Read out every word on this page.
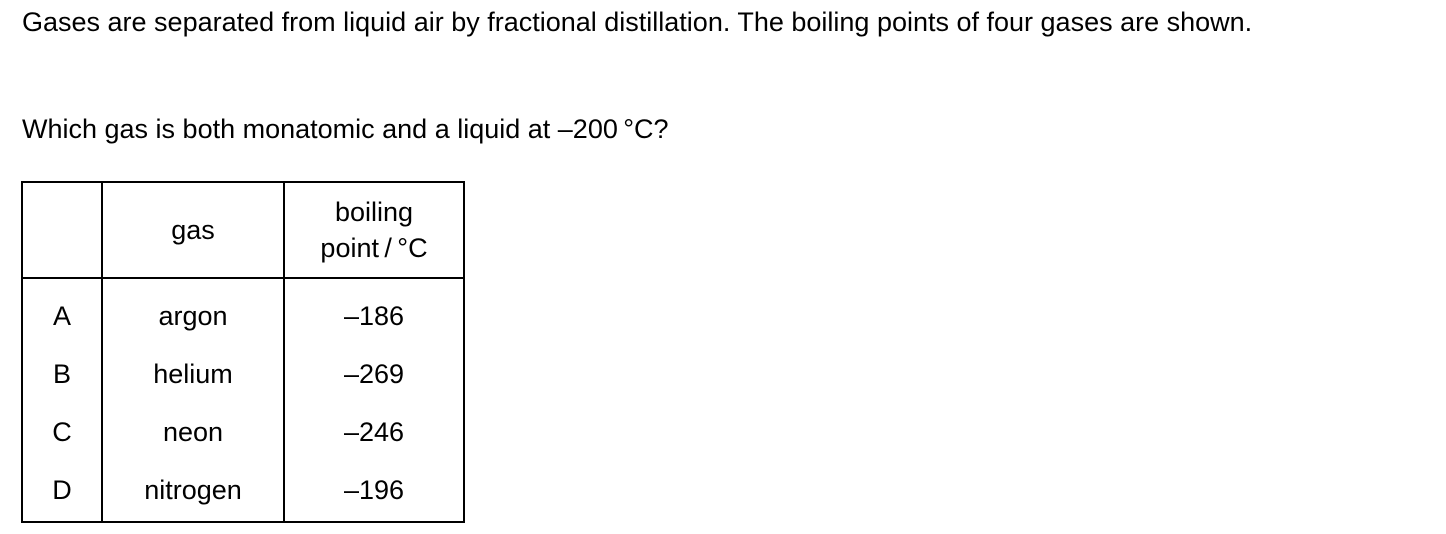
Gases are separated from liquid air by fractional distillation. The boiling points of four gases are shown.

Which gas is both monatomic and a liquid at –200 °C?

	gas	boiling
point / °C

A	argon	–186
B	helium	–269
C	neon	–246
D	nitrogen	–196
